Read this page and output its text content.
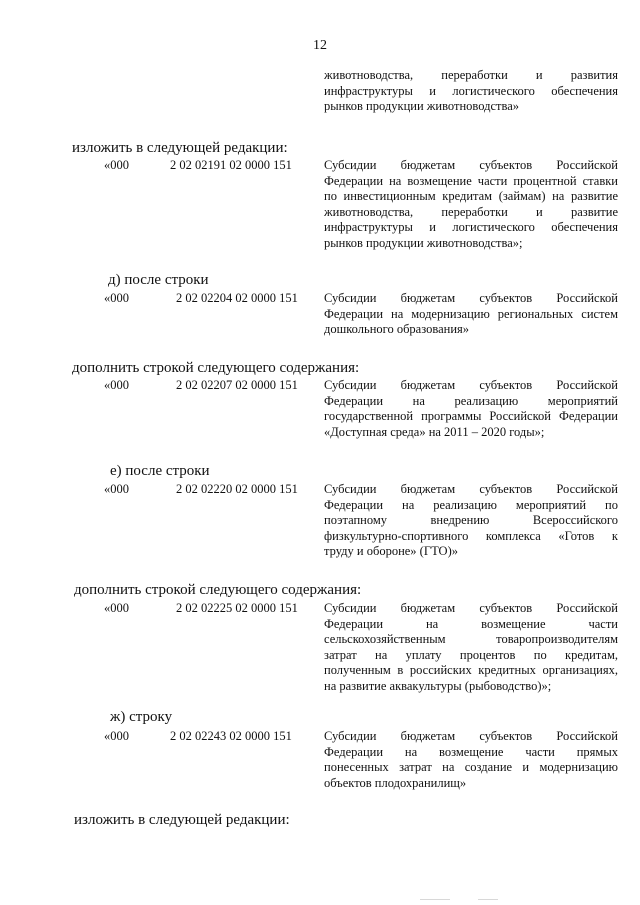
12
животноводства, переработки и развития
инфраструктуры и логистического обеспечения
рынков продукции животноводства»
изложить в следующей редакции:
«000	2 02 02191 02 0000 151	Субсидии бюджетам субъектов Российской
Федерации на возмещение части процентной ставки
по инвестиционным кредитам (займам) на развитие
животноводства, переработки и развитие
инфраструктуры и логистического обеспечения
рынков продукции животноводства»;
д) после строки
«000	2 02 02204 02 0000 151 Субсидии бюджетам субъектов Российской
Федерации на модернизацию региональных систем
дошкольного образования»
дополнить строкой следующего содержания:
«000	2 02 02207 02 0000 151 Субсидии бюджетам субъектов Российской
Федерации на реализацию мероприятий
государственной программы Российской Федерации
«Доступная среда» на 2011 – 2020 годы»;
е) после строки
«000	2 02 02220 02 0000 151 Субсидии бюджетам субъектов Российской
Федерации на реализацию мероприятий по
поэтапному внедрению Всероссийского
физкультурно-спортивного комплекса «Готов к
труду и обороне» (ГТО)»
дополнить строкой следующего содержания:
«000	2 02 02225 02 0000 151 Субсидии бюджетам субъектов Российской
Федерации на возмещение части
сельскохозяйственным товаропроизводителям
затрат на уплату процентов по кредитам,
полученным в российских кредитных организациях,
на развитие аквакультуры (рыбоводство)»;
ж) строку
«000	2 02 02243 02 0000 151	Субсидии бюджетам субъектов Российской
Федерации на возмещение части прямых
понесенных затрат на создание и модернизацию
объектов плодохранилищ»
изложить в следующей редакции:
